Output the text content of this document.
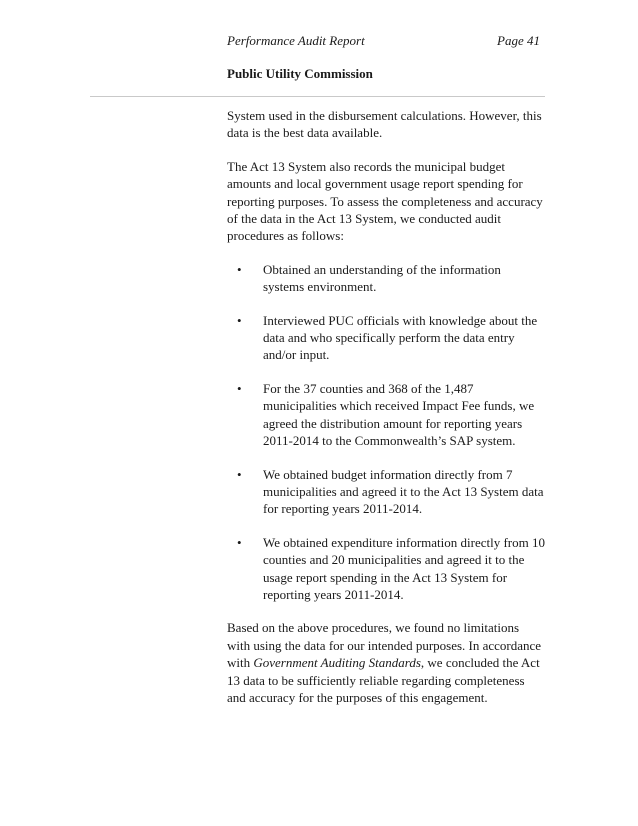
Performance Audit Report	Page 41
Public Utility Commission

System used in the disbursement calculations. However, this data is the best data available.

The Act 13 System also records the municipal budget amounts and local government usage report spending for reporting purposes. To assess the completeness and accuracy of the data in the Act 13 System, we conducted audit procedures as follows:

• Obtained an understanding of the information systems environment.
• Interviewed PUC officials with knowledge about the data and who specifically perform the data entry and/or input.
• For the 37 counties and 368 of the 1,487 municipalities which received Impact Fee funds, we agreed the distribution amount for reporting years 2011-2014 to the Commonwealth’s SAP system.
• We obtained budget information directly from 7 municipalities and agreed it to the Act 13 System data for reporting years 2011-2014.
• We obtained expenditure information directly from 10 counties and 20 municipalities and agreed it to the usage report spending in the Act 13 System for reporting years 2011-2014.

Based on the above procedures, we found no limitations with using the data for our intended purposes. In accordance with Government Auditing Standards, we concluded the Act 13 data to be sufficiently reliable regarding completeness and accuracy for the purposes of this engagement.
